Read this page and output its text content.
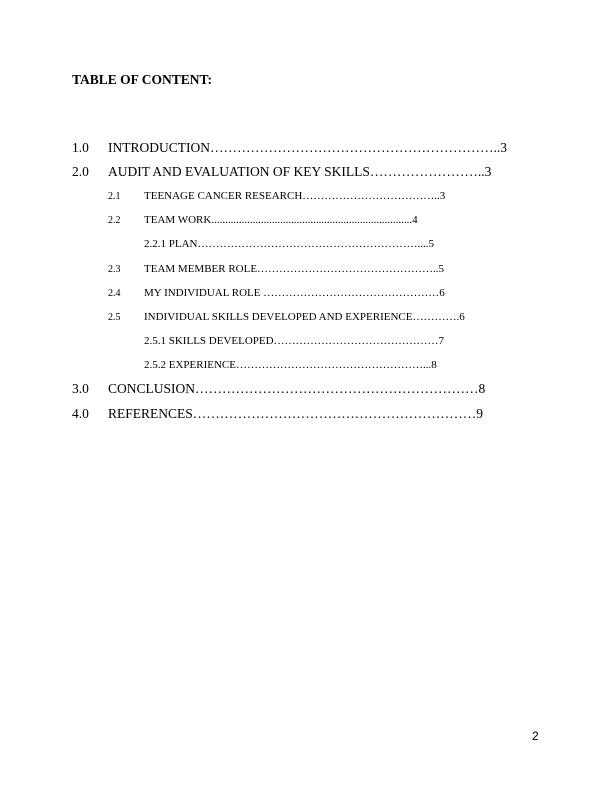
TABLE OF CONTENT:
1.0 INTRODUCTION………………………………………………………..3
2.0 AUDIT AND EVALUATION OF KEY SKILLS……………………..3
2.1 TEENAGE CANCER RESEARCH………………………………..3
2.2 TEAM WORK.........................................................................4
2.2.1 PLAN……………………………………………………....5
2.3 TEAM MEMBER ROLE…………………………………………..5
2.4 MY INDIVIDUAL ROLE …………………………………………6
2.5 INDIVIDUAL SKILLS DEVELOPED AND EXPERIENCE………….6
2.5.1 SKILLS DEVELOPED………………………………………7
2.5.2 EXPERIENCE……………………………………………...8
3.0 CONCLUSION………………………………………………………8
4.0 REFERENCES………………………………………………………9
2
